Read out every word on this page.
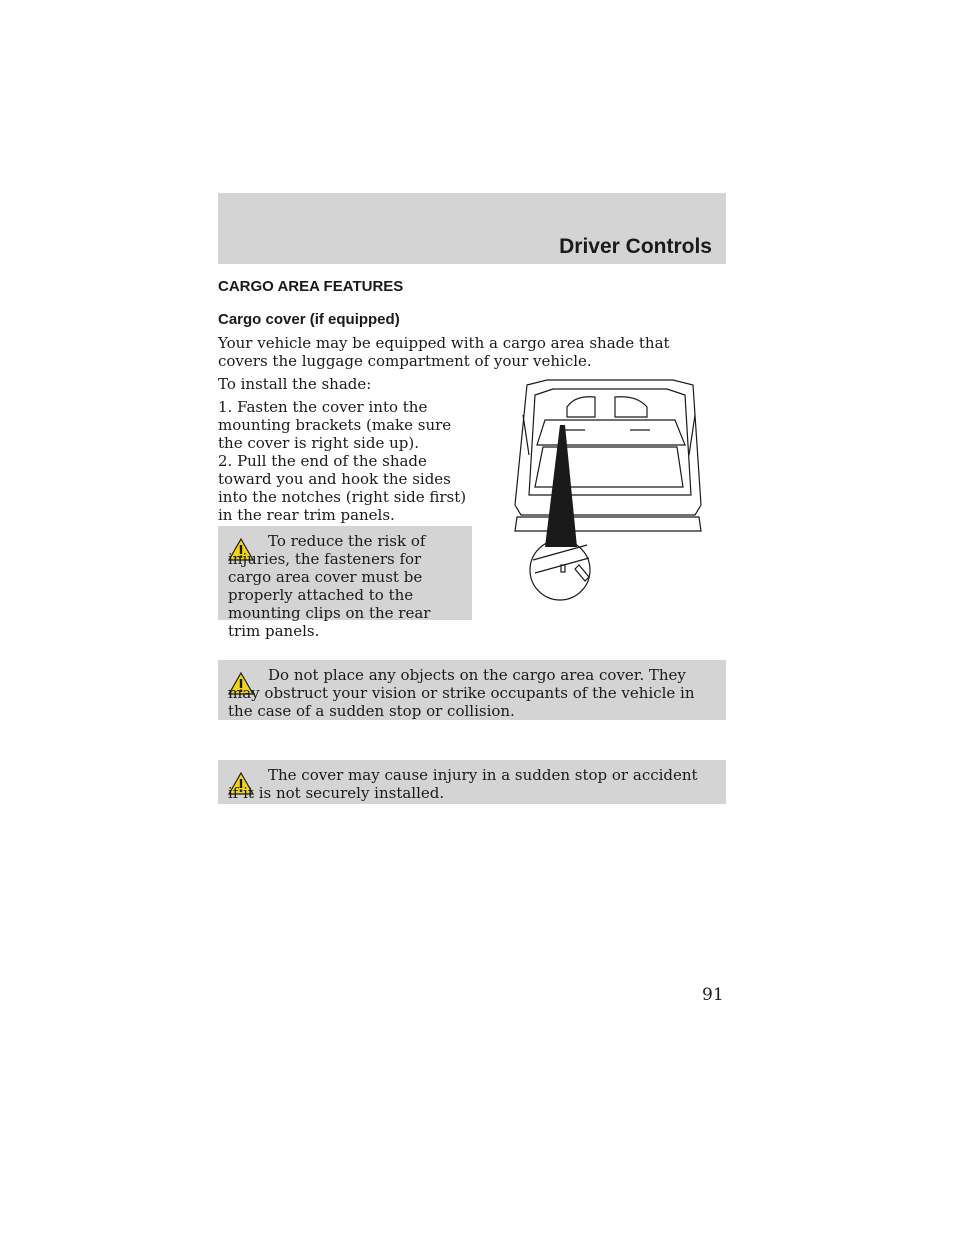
Driver Controls
CARGO AREA FEATURES
Cargo cover (if equipped)

Your vehicle may be equipped with a cargo area shade that covers the luggage compartment of your vehicle.

To install the shade:

1. Fasten the cover into the mounting brackets (make sure the cover is right side up).

2. Pull the end of the shade toward you and hook the sides into the notches (right side first) in the rear trim panels.

To reduce the risk of injuries, the fasteners for cargo area cover must be properly attached to the mounting clips on the rear trim panels.

Do not place any objects on the cargo area cover. They may obstruct your vision or strike occupants of the vehicle in the case of a sudden stop or collision.

The cover may cause injury in a sudden stop or accident if it is not securely installed.

91
